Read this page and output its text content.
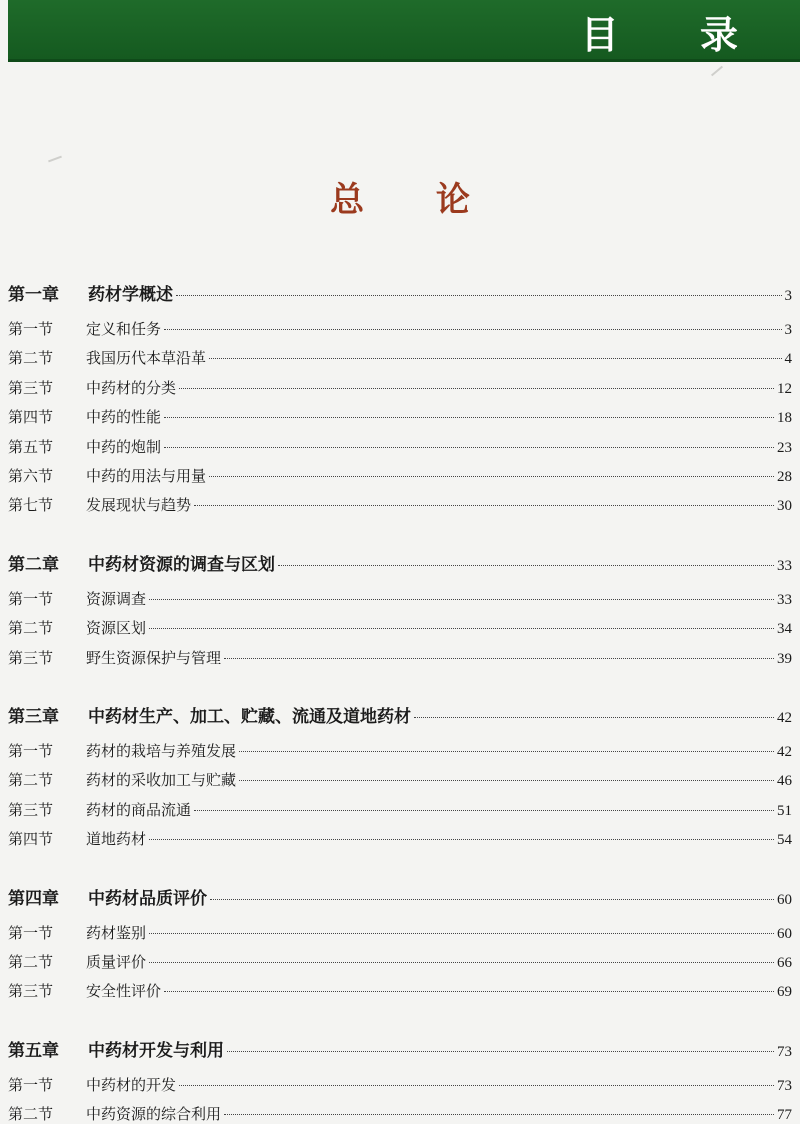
目 录
总 论
第一章	药材学概述	3
第一节	定义和任务	3
第二节	我国历代本草沿革	4
第三节	中药材的分类	12
第四节	中药的性能	18
第五节	中药的炮制	23
第六节	中药的用法与用量	28
第七节	发展现状与趋势	30
第二章	中药材资源的调查与区划	33
第一节	资源调查	33
第二节	资源区划	34
第三节	野生资源保护与管理	39
第三章	中药材生产、加工、贮藏、流通及道地药材	42
第一节	药材的栽培与养殖发展	42
第二节	药材的采收加工与贮藏	46
第三节	药材的商品流通	51
第四节	道地药材	54
第四章	中药材品质评价	60
第一节	药材鉴别	60
第二节	质量评价	66
第三节	安全性评价	69
第五章	中药材开发与利用	73
第一节	中药材的开发	73
第二节	中药资源的综合利用	77
